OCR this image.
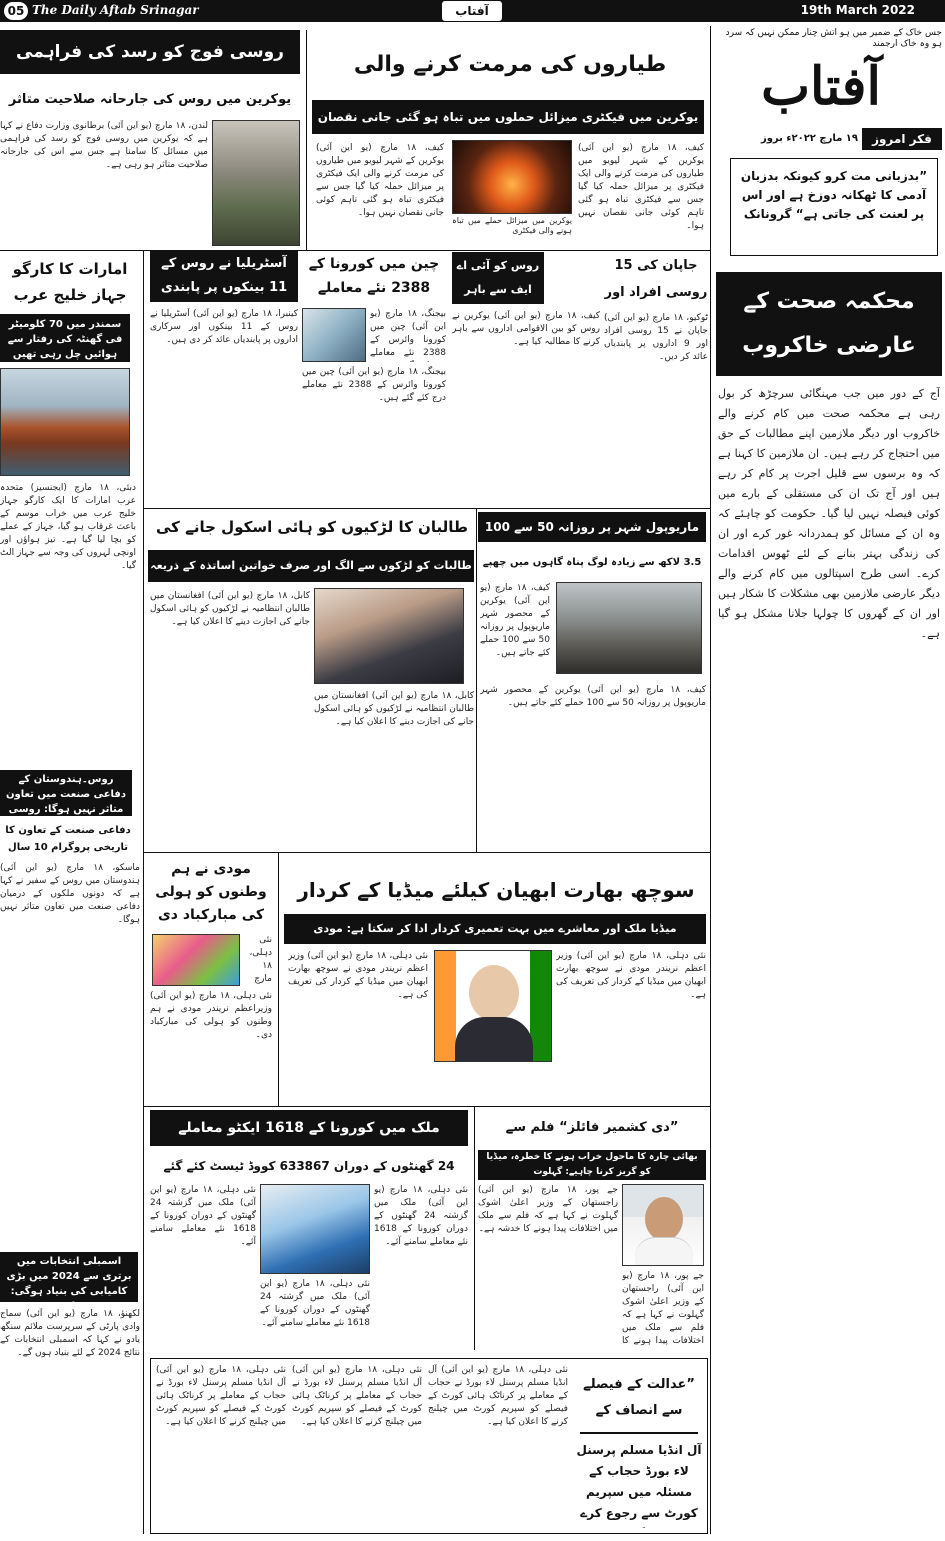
05 The Daily Aftab Srinagar	آفتاب	19th March 2022
جس خاک کے ضمیر میں ہو آتش چنار ممکن نہیں کہ سرد ہو وہ خاک ارجمند
آفتاب
فکر امروز
۱۹ مارچ ۲۰۲۲ء بروز
”بدزبانی مت کرو کیونکہ بدزبان آدمی کا ٹھکانہ دوزخ ہے اور اس پر لعنت کی جاتی ہے“ گرونانک
محکمہ صحت کے عارضی خاکروب
آج کے دور میں جب مہنگائی سرچڑھ کر بول رہی ہے محکمہ صحت میں کام کرنے والے خاکروب اور دیگر ملازمین اپنے مطالبات کے حق میں احتجاج کر رہے ہیں۔ ان ملازمین کا کہنا ہے کہ وہ برسوں سے قلیل اجرت پر کام کر رہے ہیں اور آج تک ان کی مستقلی کے بارے میں کوئی فیصلہ نہیں لیا گیا۔ حکومت کو چاہئے کہ وہ ان کے مسائل کو ہمدردانہ غور کرے اور ان کی زندگی بہتر بنانے کے لئے ٹھوس اقدامات کرے۔ اسی طرح اسپتالوں میں کام کرنے والے دیگر عارضی ملازمین بھی مشکلات کا شکار ہیں اور ان کے گھروں کا چولہا جلانا مشکل ہو گیا ہے۔
روسی فوج کو رسد کی فراہمی
یوکرین میں روس کی جارحانہ صلاحیت متاثر
لندن، ۱۸ مارچ (یو این آئی) برطانوی وزارت دفاع نے کہا ہے کہ یوکرین میں روسی فوج کو رسد کی فراہمی میں مسائل کا سامنا ہے جس سے اس کی جارحانہ صلاحیت متاثر ہو رہی ہے۔
طیاروں کی مرمت کرنے والی
یوکرین میں فیکٹری میزائل حملوں میں تباہ ہو گئی جانی نقصان
کیف، ۱۸ مارچ (یو این آئی) یوکرین کے شہر لیویو میں طیاروں کی مرمت کرنے والی ایک فیکٹری پر میزائل حملہ کیا گیا جس سے فیکٹری تباہ ہو گئی تاہم کوئی جانی نقصان نہیں ہوا۔
یوکرین میں میزائل حملے میں تباہ ہونے والی فیکٹری
کیف، ۱۸ مارچ (یو این آئی) یوکرین کے شہر لیویو میں طیاروں کی مرمت کرنے والی ایک فیکٹری پر میزائل حملہ کیا گیا جس سے فیکٹری تباہ ہو گئی تاہم کوئی جانی نقصان نہیں ہوا۔
امارات کا کارگو جہاز خلیج عرب
سمندر میں 70 کلومیٹر فی گھنٹہ کی رفتار سے ہوائیں چل رہی تھیں
دبئی، ۱۸ مارچ (ایجنسیز) متحدہ عرب امارات کا ایک کارگو جہاز خلیج عرب میں خراب موسم کے باعث غرقاب ہو گیا، جہاز کے عملے کو بچا لیا گیا ہے۔ تیز ہواؤں اور اونچی لہروں کی وجہ سے جہاز الٹ گیا۔
آسٹریلیا نے روس کے 11 بینکوں پر پابندی
کینبرا، ۱۸ مارچ (یو این آئی) آسٹریلیا نے روس کے 11 بینکوں اور سرکاری اداروں پر پابندیاں عائد کر دی ہیں۔
چین میں کورونا کے 2388 نئے معاملے
بیجنگ، ۱۸ مارچ (یو این آئی) چین میں کورونا وائرس کے 2388 نئے معاملے
بیجنگ، ۱۸ مارچ (یو این آئی) چین میں کورونا وائرس کے 2388 نئے معاملے درج کئے گئے ہیں۔
روس کو آئی اے ایف سے باہر
کیف، ۱۸ مارچ (یو این آئی) یوکرین نے روس کو بین الاقوامی اداروں سے باہر کرنے کا مطالبہ کیا ہے۔
جاپان کی 15 روسی افراد اور
ٹوکیو، ۱۸ مارچ (یو این آئی) جاپان نے 15 روسی افراد اور 9 اداروں پر پابندیاں عائد کر دیں۔
طالبان کا لڑکیوں کو ہائی اسکول جانے کی
طالبات کو لڑکوں سے الگ اور صرف خواتین اساتذہ کے ذریعہ
کابل، ۱۸ مارچ (یو این آئی) افغانستان میں طالبان انتظامیہ نے لڑکیوں کو ہائی اسکول جانے کی اجازت دینے کا اعلان کیا ہے۔
کابل، ۱۸ مارچ (یو این آئی) افغانستان میں طالبان انتظامیہ نے لڑکیوں کو ہائی اسکول جانے کی اجازت دینے کا اعلان کیا ہے۔
ماریوپول شہر پر روزانہ 50 سے 100
3.5 لاکھ سے زیادہ لوگ پناہ گاہوں میں چھپے
کیف، ۱۸ مارچ (یو این آئی) یوکرین کے محصور شہر ماریوپول پر روزانہ 50 سے 100 حملے کئے جاتے ہیں۔
کیف، ۱۸ مارچ (یو این آئی) یوکرین کے محصور شہر ماریوپول پر روزانہ 50 سے 100 حملے کئے جاتے ہیں۔
روس۔ہندوستان کے دفاعی صنعت میں تعاون متاثر نہیں ہوگا: روسی
دفاعی صنعت کے تعاون کا تاریخی پروگرام 10 سال
ماسکو، ۱۸ مارچ (یو این آئی) ہندوستان میں روس کے سفیر نے کہا ہے کہ دونوں ملکوں کے درمیان دفاعی صنعت میں تعاون متاثر نہیں ہوگا۔
مودی نے ہم وطنوں کو ہولی کی مبارکباد دی
نئی دہلی، ۱۸ مارچ
نئی دہلی، ۱۸ مارچ (یو این آئی) وزیراعظم نریندر مودی نے ہم وطنوں کو ہولی کی مبارکباد دی۔
سوچھ بھارت ابھیان کیلئے میڈیا کے کردار
میڈیا ملک اور معاشرے میں بہت تعمیری کردار ادا کر سکتا ہے: مودی
نئی دہلی، ۱۸ مارچ (یو این آئی) وزیر اعظم نریندر مودی نے سوچھ بھارت ابھیان میں میڈیا کے کردار کی تعریف کی ہے۔
نئی دہلی، ۱۸ مارچ (یو این آئی) وزیر اعظم نریندر مودی نے سوچھ بھارت ابھیان میں میڈیا کے کردار کی تعریف کی ہے۔
ملک میں کورونا کے 1618 ایکٹو معاملے
24 گھنٹوں کے دوران 633867 کووڈ ٹیسٹ کئے گئے
نئی دہلی، ۱۸ مارچ (یو این آئی) ملک میں گزشتہ 24 گھنٹوں کے دوران کورونا کے 1618 نئے معاملے سامنے آئے۔
نئی دہلی، ۱۸ مارچ (یو این آئی) ملک میں گزشتہ 24 گھنٹوں کے دوران کورونا کے 1618 نئے معاملے سامنے آئے۔
نئی دہلی، ۱۸ مارچ (یو این آئی) ملک میں گزشتہ 24 گھنٹوں کے دوران کورونا کے 1618 نئے معاملے سامنے آئے۔
”دی کشمیر فائلز“ فلم سے
بھائی چارہ کا ماحول خراب ہونے کا خطرہ، میڈیا کو گریز کرنا چاہیے: گہلوت
جے پور، ۱۸ مارچ (یو این آئی) راجستھان کے وزیر اعلیٰ اشوک گہلوت نے کہا ہے کہ فلم سے ملک میں اختلافات پیدا ہونے کا خدشہ ہے۔
جے پور، ۱۸ مارچ (یو این آئی) راجستھان کے وزیر اعلیٰ اشوک گہلوت نے کہا ہے کہ فلم سے ملک میں اختلافات پیدا ہونے کا
اسمبلی انتخابات میں برتری سے 2024 میں بڑی کامیابی کی بنیاد ہوگی:
لکھنؤ، ۱۸ مارچ (یو این آئی) سماج وادی پارٹی کے سرپرست ملائم سنگھ یادو نے کہا کہ اسمبلی انتخابات کے نتائج 2024 کے لئے بنیاد ہوں گے۔
نئی دہلی، ۱۸ مارچ (یو این آئی) آل انڈیا مسلم پرسنل لاء بورڈ نے حجاب کے معاملے پر کرناٹک ہائی کورٹ کے فیصلے کو سپریم کورٹ میں چیلنج کرنے کا اعلان کیا ہے۔
نئی دہلی، ۱۸ مارچ (یو این آئی) آل انڈیا مسلم پرسنل لاء بورڈ نے حجاب کے معاملے پر کرناٹک ہائی کورٹ کے فیصلے کو سپریم کورٹ میں چیلنج کرنے کا اعلان کیا ہے۔
نئی دہلی، ۱۸ مارچ (یو این آئی) آل انڈیا مسلم پرسنل لاء بورڈ نے حجاب کے معاملے پر کرناٹک ہائی کورٹ کے فیصلے کو سپریم کورٹ میں چیلنج کرنے کا اعلان کیا ہے۔
”عدالت کے فیصلے سے انصاف کے
آل انڈیا مسلم پرسنل لاء بورڈ حجاب کے مسئلہ میں سپریم کورٹ سے رجوع کرے
